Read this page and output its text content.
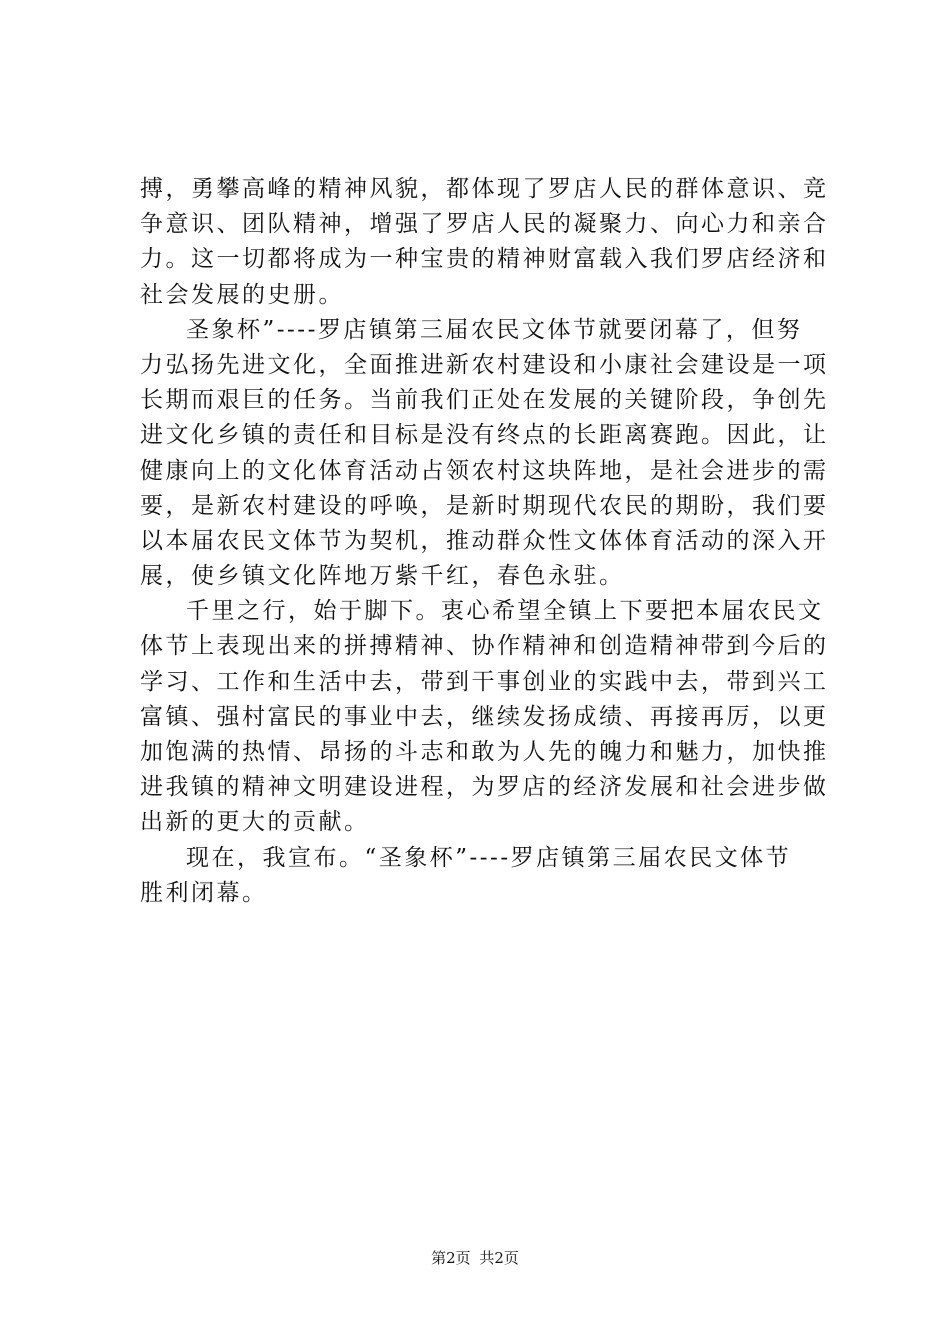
搏，勇攀高峰的精神风貌，都体现了罗店人民的群体意识、竞
争意识、团队精神，增强了罗店人民的凝聚力、向心力和亲合
力。这一切都将成为一种宝贵的精神财富载入我们罗店经济和
社会发展的史册。
圣象杯”----罗店镇第三届农民文体节就要闭幕了，但努
力弘扬先进文化，全面推进新农村建设和小康社会建设是一项
长期而艰巨的任务。当前我们正处在发展的关键阶段，争创先
进文化乡镇的责任和目标是没有终点的长距离赛跑。因此，让
健康向上的文化体育活动占领农村这块阵地，是社会进步的需
要，是新农村建设的呼唤，是新时期现代农民的期盼，我们要
以本届农民文体节为契机，推动群众性文体体育活动的深入开
展，使乡镇文化阵地万紫千红，春色永驻。
千里之行，始于脚下。衷心希望全镇上下要把本届农民文
体节上表现出来的拼搏精神、协作精神和创造精神带到今后的
学习、工作和生活中去，带到干事创业的实践中去，带到兴工
富镇、强村富民的事业中去，继续发扬成绩、再接再厉，以更
加饱满的热情、昂扬的斗志和敢为人先的魄力和魅力，加快推
进我镇的精神文明建设进程，为罗店的经济发展和社会进步做
出新的更大的贡献。
现在，我宣布。“圣象杯”----罗店镇第三届农民文体节
胜利闭幕。
第2页 共2页
